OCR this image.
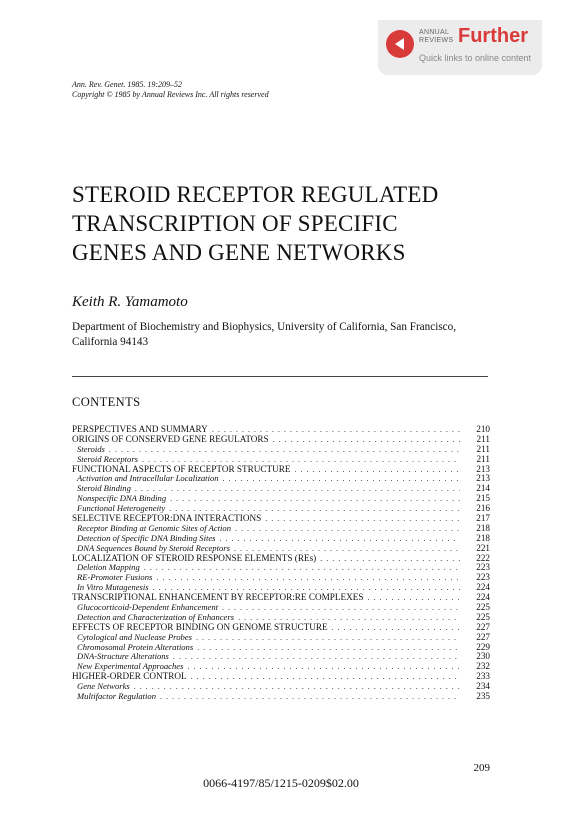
ANNUAL
REVIEWS Further
Quick links to online content
Ann. Rev. Genet. 1985. 19:209–52
Copyright © 1985 by Annual Reviews Inc. All rights reserved
STEROID RECEPTOR REGULATED
TRANSCRIPTION OF SPECIFIC
GENES AND GENE NETWORKS
Keith R. Yamamoto
Department of Biochemistry and Biophysics, University of California, San Francisco, California 94143
CONTENTS
PERSPECTIVES AND SUMMARY . . .	210
ORIGINS OF CONSERVED GENE REGULATORS . . .	211
Steroids . . .	211
Steroid Receptors . . .	211
FUNCTIONAL ASPECTS OF RECEPTOR STRUCTURE . . .	213
Activation and Intracellular Localization . . .	213
Steroid Binding . . .	214
Nonspecific DNA Binding . . .	215
Functional Heterogeneity . . .	216
SELECTIVE RECEPTOR:DNA INTERACTIONS . . .	217
Receptor Binding at Genomic Sites of Action . . .	218
Detection of Specific DNA Binding Sites . . .	218
DNA Sequences Bound by Steroid Receptors . . .	221
LOCALIZATION OF STEROID RESPONSE ELEMENTS (REs) . . .	222
Deletion Mapping . . .	223
RE-Promoter Fusions . . .	223
In Vitro Mutagenesis . . .	224
TRANSCRIPTIONAL ENHANCEMENT BY RECEPTOR:RE COMPLEXES . . .	224
Glucocorticoid-Dependent Enhancement . . .	225
Detection and Characterization of Enhancers . . .	225
EFFECTS OF RECEPTOR BINDING ON GENOME STRUCTURE . . .	227
Cytological and Nuclease Probes . . .	227
Chromosomal Protein Alterations . . .	229
DNA-Structure Alterations . . .	230
New Experimental Approaches . . .	232
HIGHER-ORDER CONTROL . . .	233
Gene Networks . . .	234
Multifactor Regulation . . .	235
209
0066-4197/85/1215-0209$02.00
